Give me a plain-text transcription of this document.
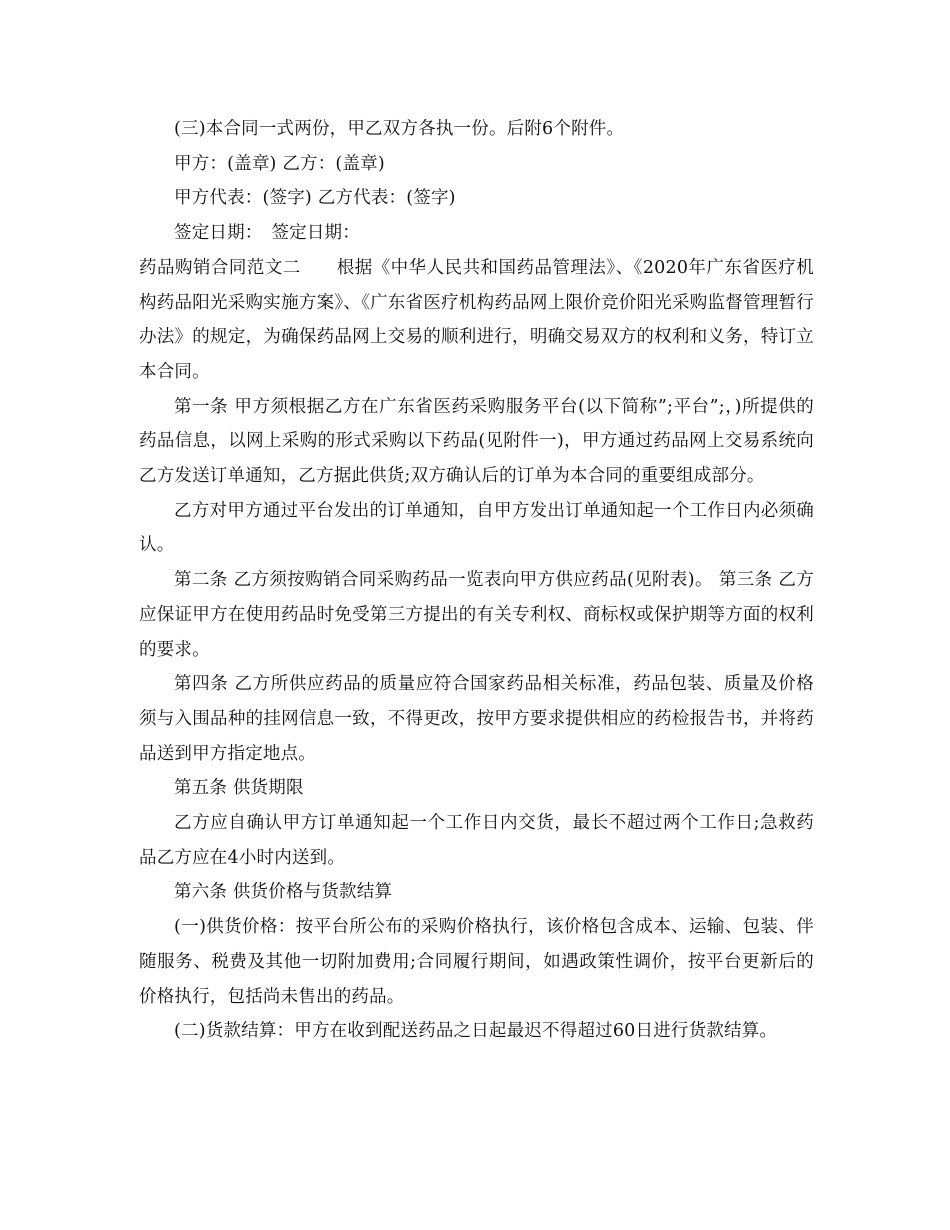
(三)本合同一式两份，甲乙双方各执一份。后附6个附件。

甲方：(盖章) 乙方：(盖章)

甲方代表：(签字) 乙方代表：(签字)

签定日期：　签定日期：

药品购销合同范文二　　根据《中华人民共和国药品管理法》、《2020年广东省医疗机构药品阳光采购实施方案》、《广东省医疗机构药品网上限价竞价阳光采购监督管理暂行办法》的规定，为确保药品网上交易的顺利进行，明确交易双方的权利和义务，特订立本合同。

第一条 甲方须根据乙方在广东省医药采购服务平台(以下简称”;平台”;，)所提供的药品信息，以网上采购的形式采购以下药品(见附件一)，甲方通过药品网上交易系统向乙方发送订单通知，乙方据此供货;双方确认后的订单为本合同的重要组成部分。

乙方对甲方通过平台发出的订单通知，自甲方发出订单通知起一个工作日内必须确认。

第二条 乙方须按购销合同采购药品一览表向甲方供应药品(见附表)。 第三条 乙方应保证甲方在使用药品时免受第三方提出的有关专利权、商标权或保护期等方面的权利的要求。

第四条 乙方所供应药品的质量应符合国家药品相关标准，药品包装、质量及价格须与入围品种的挂网信息一致，不得更改，按甲方要求提供相应的药检报告书，并将药品送到甲方指定地点。

第五条 供货期限

乙方应自确认甲方订单通知起一个工作日内交货，最长不超过两个工作日;急救药品乙方应在4小时内送到。

第六条 供货价格与货款结算

(一)供货价格：按平台所公布的采购价格执行，该价格包含成本、运输、包装、伴随服务、税费及其他一切附加费用;合同履行期间，如遇政策性调价，按平台更新后的价格执行，包括尚未售出的药品。

(二)货款结算：甲方在收到配送药品之日起最迟不得超过60日进行货款结算。
